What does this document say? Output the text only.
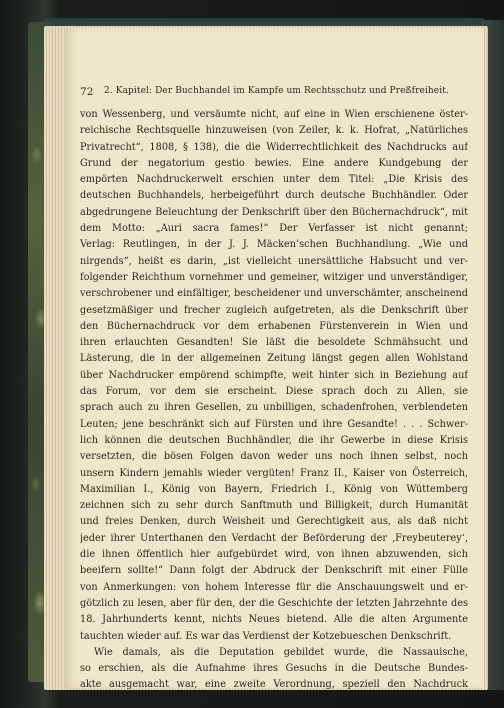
72 2. Kapitel: Der Buchhandel im Kampfe um Rechtsschutz und Preßfreiheit.
von Wessenberg, und versäumte nicht, auf eine in Wien erschienene öster-
reichische Rechtsquelle hinzuweisen (von Zeiler, k. k. Hofrat, „Natürliches
Privatrecht“, 1808, § 138), die die Widerrechtlichkeit des Nachdrucks auf
Grund der negatorium gestio bewies. Eine andere Kundgebung der
empörten Nachdruckerwelt erschien unter dem Titel: „Die Krisis des
deutschen Buchhandels, herbeigeführt durch deutsche Buchhändler. Oder
abgedrungene Beleuchtung der Denkschrift über den Büchernachdruck“, mit
dem Motto: „Auri sacra fames!“ Der Verfasser ist nicht genannt;
Verlag: Reutlingen, in der J. J. Mäcken’schen Buchhandlung. „Wie und
nirgends“, heißt es darin, „ist vielleicht unersättliche Habsucht und ver-
folgender Reichthum vornehmer und gemeiner, witziger und unverständiger,
verschrobener und einfältiger, bescheidener und unverschämter, anscheinend
gesetzmäßiger und frecher zugleich aufgetreten, als die Denkschrift über
den Büchernachdruck vor dem erhabenen Fürstenverein in Wien und
ihren erlauchten Gesandten! Sie läßt die besoldete Schmähsucht und
Lästerung, die in der allgemeinen Zeitung längst gegen allen Wohlstand
über Nachdrucker empörend schimpfte, weit hinter sich in Beziehung auf
das Forum, vor dem sie erscheint. Diese sprach doch zu Allen, sie
sprach auch zu ihren Gesellen, zu unbilligen, schadenfrohen, verblendeten
Leuten; jene beschränkt sich auf Fürsten und ihre Gesandte! . . . Schwer-
lich können die deutschen Buchhändler, die ihr Gewerbe in diese Krisis
versetzten, die bösen Folgen davon weder uns noch ihnen selbst, noch
unsern Kindern jemahls wieder vergüten! Franz II., Kaiser von Österreich,
Maximilian I., König von Bayern, Friedrich I., König von Wüttemberg
zeichnen sich zu sehr durch Sanftmuth und Billigkeit, durch Humanität
und freies Denken, durch Weisheit und Gerechtigkeit aus, als daß nicht
jeder ihrer Unterthanen den Verdacht der Beförderung der ‚Freybeuterey‘,
die ihnen öffentlich hier aufgebürdet wird, von ihnen abzuwenden, sich
beeifern sollte!“ Dann folgt der Abdruck der Denkschrift mit einer Fülle
von Anmerkungen: von hohem Interesse für die Anschauungswelt und er-
götzlich zu lesen, aber für den, der die Geschichte der letzten Jahrzehnte des
18. Jahrhunderts kennt, nichts Neues bietend. Alle die alten Argumente
tauchten wieder auf. Es war das Verdienst der Kotzebueschen Denkschrift.
Wie damals, als die Deputation gebildet wurde, die Nassauische,
so erschien, als die Aufnahme ihres Gesuchs in die Deutsche Bundes-
akte ausgemacht war, eine zweite Verordnung, speziell den Nachdruck
